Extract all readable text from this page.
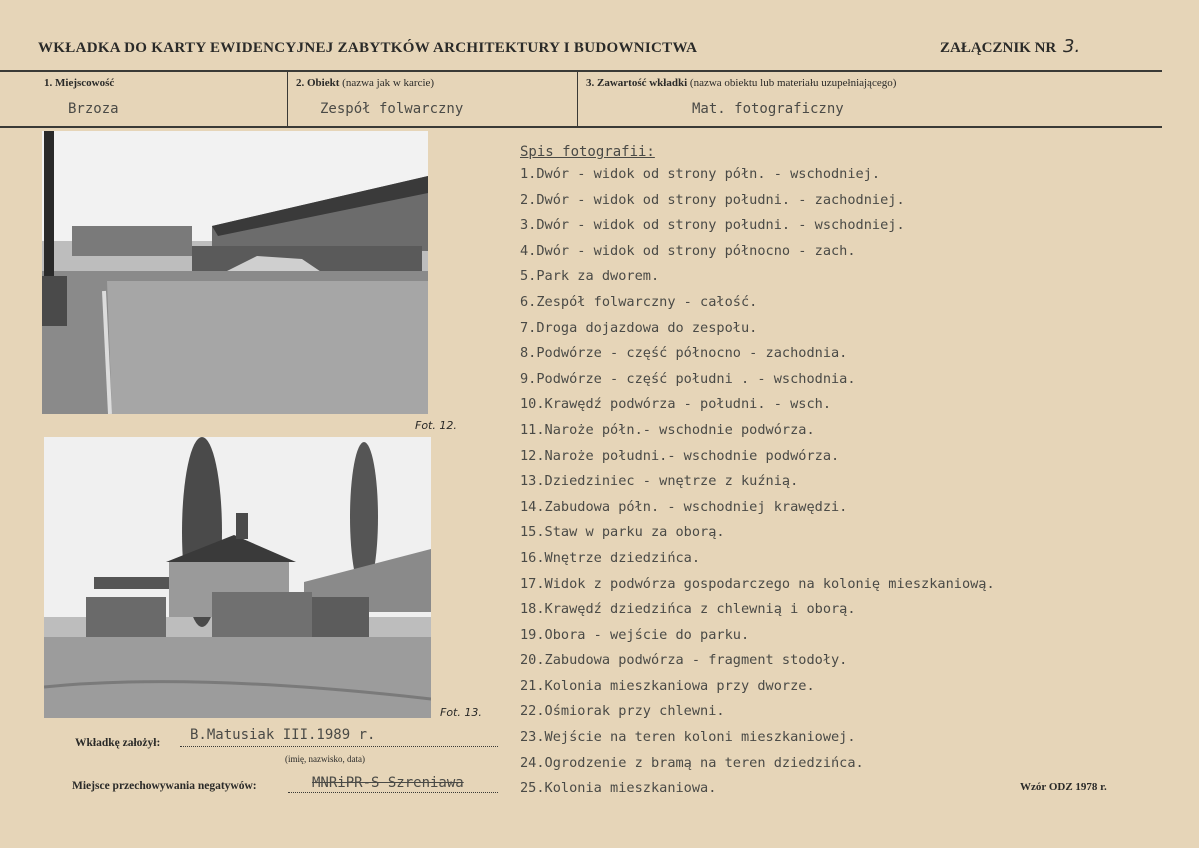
WKŁADKA DO KARTY EWIDENCYJNEJ ZABYTKÓW ARCHITEKTURY I BUDOWNICTWA	ZAŁĄCZNIK NR 3.
1. Miejscowość
Brzoza
2. Obiekt (nazwa jak w karcie)
Zespół folwarczny
3. Zawartość wkładki (nazwa obiektu lub materiału uzupełniającego)
Mat. fotograficzny
Fot. 12.
Fot. 13.
Spis fotografii:
1.Dwór - widok od strony półn. - wschodniej.
2.Dwór - widok od strony południ. - zachodniej.
3.Dwór - widok od strony południ. - wschodniej.
4.Dwór - widok od strony północno - zach.
5.Park za dworem.
6.Zespół folwarczny - całość.
7.Droga dojazdowa do zespołu.
8.Podwórze - część północno - zachodnia.
9.Podwórze - część południ . - wschodnia.
10.Krawędź podwórza - południ. - wsch.
11.Naroże półn.- wschodnie podwórza.
12.Naroże południ.- wschodnie podwórza.
13.Dziedziniec - wnętrze z kuźnią.
14.Zabudowa półn. - wschodniej krawędzi.
15.Staw w parku za oborą.
16.Wnętrze dziedzińca.
17.Widok z podwórza gospodarczego na kolonię mieszkaniową.
18.Krawędź dziedzińca z chlewnią i oborą.
19.Obora - wejście do parku.
20.Zabudowa podwórza - fragment stodoły.
21.Kolonia mieszkaniowa przy dworze.
22.Ośmiorak przy chlewni.
23.Wejście na teren koloni mieszkaniowej.
24.Ogrodzenie z bramą na teren dziedzińca.
25.Kolonia mieszkaniowa.
Wkładkę założył: B.Matusiak III.1989 r.
(imię, nazwisko, data)
Miejsce przechowywania negatywów:	MNRiPR-S Szreniawa	Wzór ODZ 1978 r.
